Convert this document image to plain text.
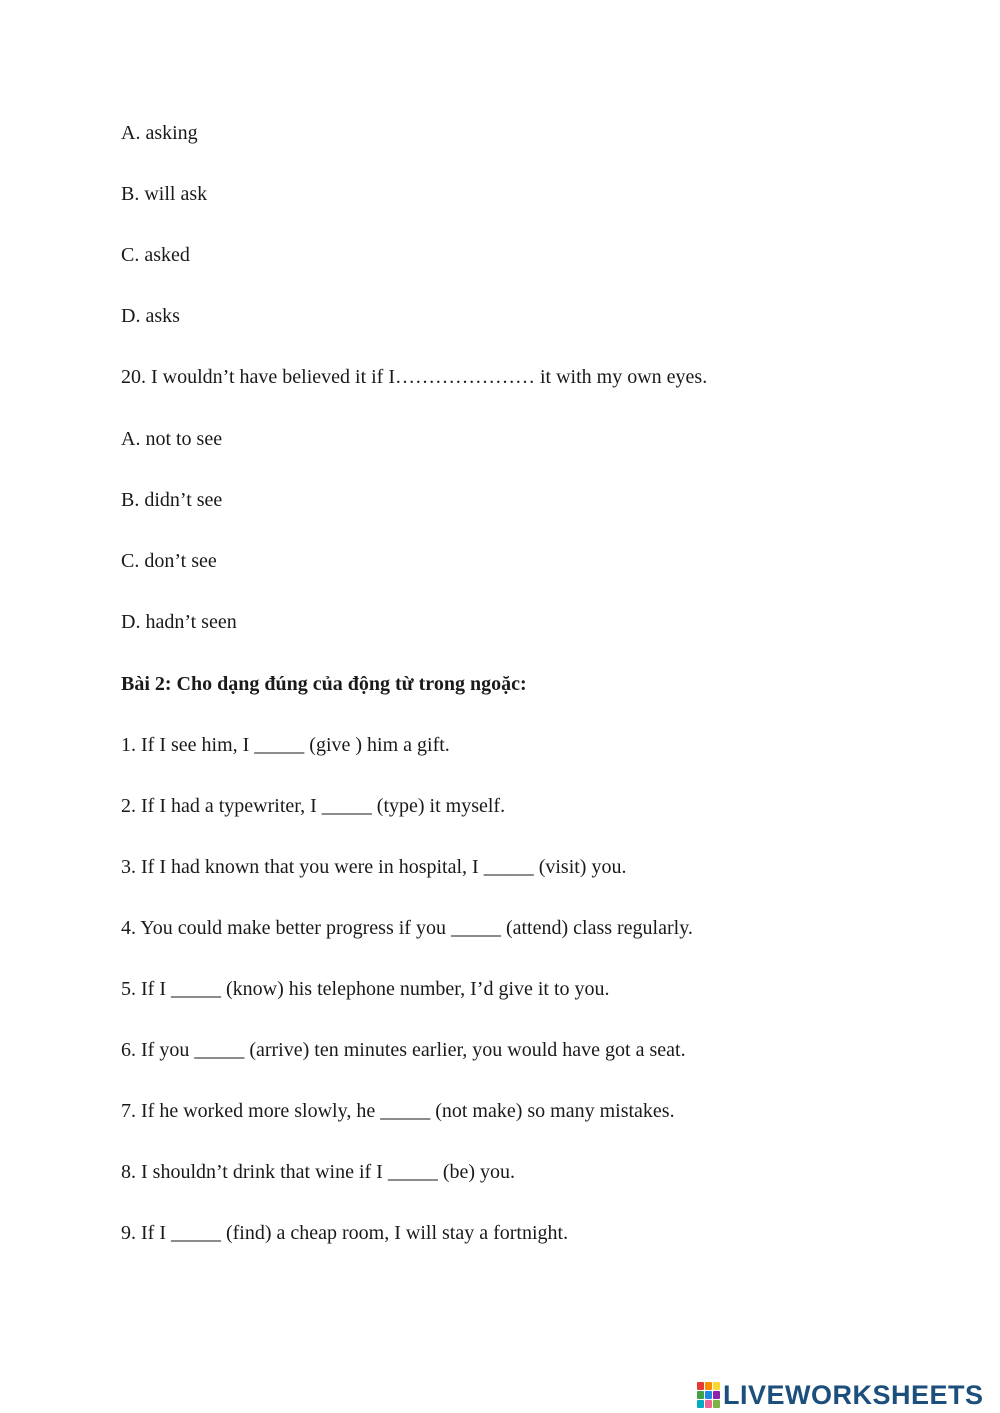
A. asking
B. will ask
C. asked
D. asks
20. I wouldn’t have believed it if I………………… it with my own eyes.
A. not to see
B. didn’t see
C. don’t see
D. hadn’t seen
Bài 2: Cho dạng đúng của động từ trong ngoặc:
1. If I see him, I _____ (give ) him a gift.
2. If I had a typewriter, I _____ (type) it myself.
3. If I had known that you were in hospital, I _____ (visit) you.
4. You could make better progress if you _____ (attend) class regularly.
5. If I _____ (know) his telephone number, I’d give it to you.
6. If you _____ (arrive) ten minutes earlier, you would have got a seat.
7. If he worked more slowly, he _____ (not make) so many mistakes.
8. I shouldn’t drink that wine if I _____ (be) you.
9. If I _____ (find) a cheap room, I will stay a fortnight.
LIVEWORKSHEETS
